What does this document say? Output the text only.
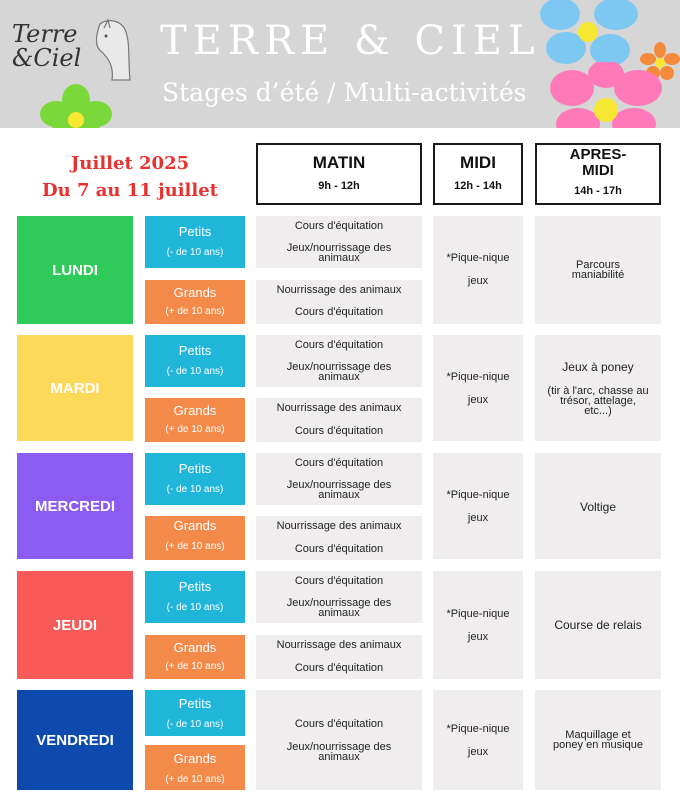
Terre
&Ciel TERRE & CIEL
Stages d’été / Multi-activités
Juillet 2025
Du 7 au 11 juillet
MATIN
9h - 12h
MIDI
12h - 14h
APRES-MIDI
14h - 17h
LUNDI
Petits
(- de 10 ans)
Grands
(+ de 10 ans)
Cours d'équitation
Jeux/nourrissage des
animaux
Nourrissage des animaux
Cours d'équitation
*Pique-nique
jeux
Parcours
maniabilité
MARDI
Petits
(- de 10 ans)
Grands
(+ de 10 ans)
Cours d'équitation
Jeux/nourrissage des
animaux
Nourrissage des animaux
Cours d'équitation
*Pique-nique
jeux
Jeux à poney
(tir à l'arc, chasse au
trésor, attelage,
etc...)
MERCREDI
Petits
(- de 10 ans)
Grands
(+ de 10 ans)
Cours d'équitation
Jeux/nourrissage des
animaux
Nourrissage des animaux
Cours d'équitation
*Pique-nique
jeux
Voltige
JEUDI
Petits
(- de 10 ans)
Grands
(+ de 10 ans)
Cours d'équitation
Jeux/nourrissage des
animaux
Nourrissage des animaux
Cours d'équitation
*Pique-nique
jeux
Course de relais
VENDREDI
Petits
(- de 10 ans)
Grands
(+ de 10 ans)
Cours d'équitation
Jeux/nourrissage des
animaux
*Pique-nique
jeux
Maquillage et
poney en musique
